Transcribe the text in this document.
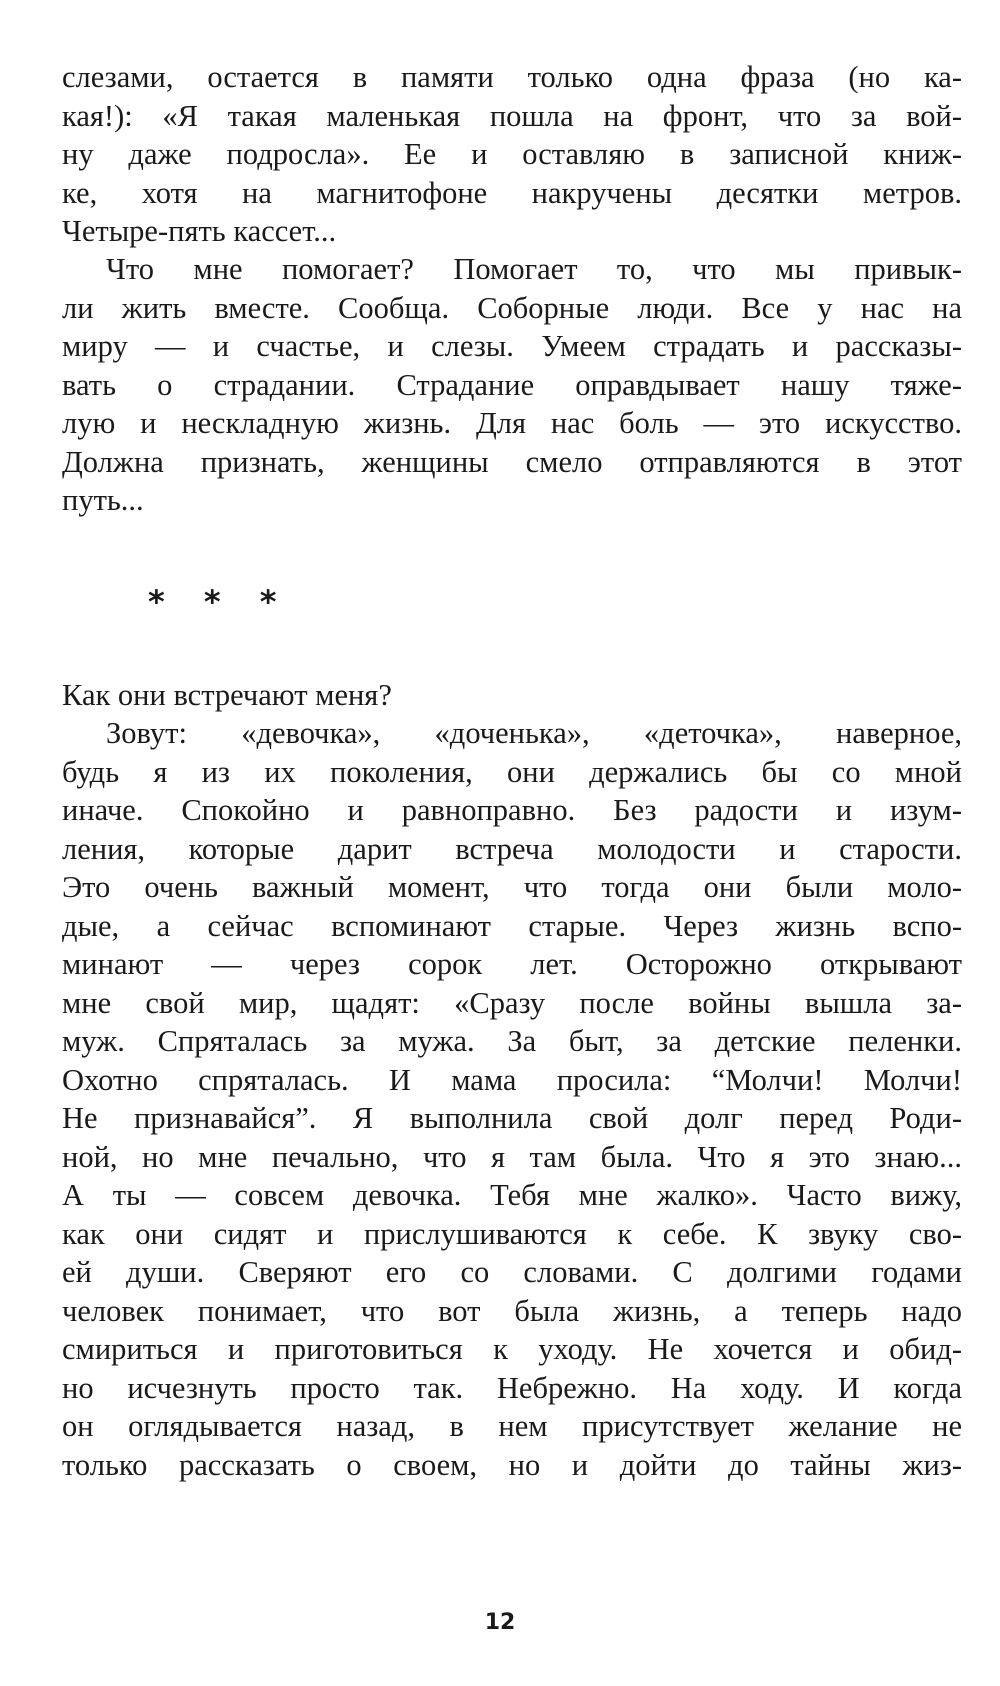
слезами, остается в памяти только одна фраза (но ка-
кая!): «Я такая маленькая пошла на фронт, что за вой-
ну даже подросла». Ее и оставляю в записной книж-
ке, хотя на магнитофоне накручены десятки метров.
Четыре-пять кассет...
Что мне помогает? Помогает то, что мы привык-
ли жить вместе. Сообща. Соборные люди. Все у нас на
миру — и счастье, и слезы. Умеем страдать и рассказы-
вать о страдании. Страдание оправдывает нашу тяже-
лую и нескладную жизнь. Для нас боль — это искусство.
Должна признать, женщины смело отправляются в этот
путь...
* * *
Как они встречают меня?
Зовут: «девочка», «доченька», «деточка», наверное,
будь я из их поколения, они держались бы со мной
иначе. Спокойно и равноправно. Без радости и изум-
ления, которые дарит встреча молодости и старости.
Это очень важный момент, что тогда они были моло-
дые, а сейчас вспоминают старые. Через жизнь вспо-
минают — через сорок лет. Осторожно открывают
мне свой мир, щадят: «Сразу после войны вышла за-
муж. Спряталась за мужа. За быт, за детские пеленки.
Охотно спряталась. И мама просила: “Молчи! Молчи!
Не признавайся”. Я выполнила свой долг перед Роди-
ной, но мне печально, что я там была. Что я это знаю...
А ты — совсем девочка. Тебя мне жалко». Часто вижу,
как они сидят и прислушиваются к себе. К звуку сво-
ей души. Сверяют его со словами. С долгими годами
человек понимает, что вот была жизнь, а теперь надо
смириться и приготовиться к уходу. Не хочется и обид-
но исчезнуть просто так. Небрежно. На ходу. И когда
он оглядывается назад, в нем присутствует желание не
только рассказать о своем, но и дойти до тайны жиз-
12
